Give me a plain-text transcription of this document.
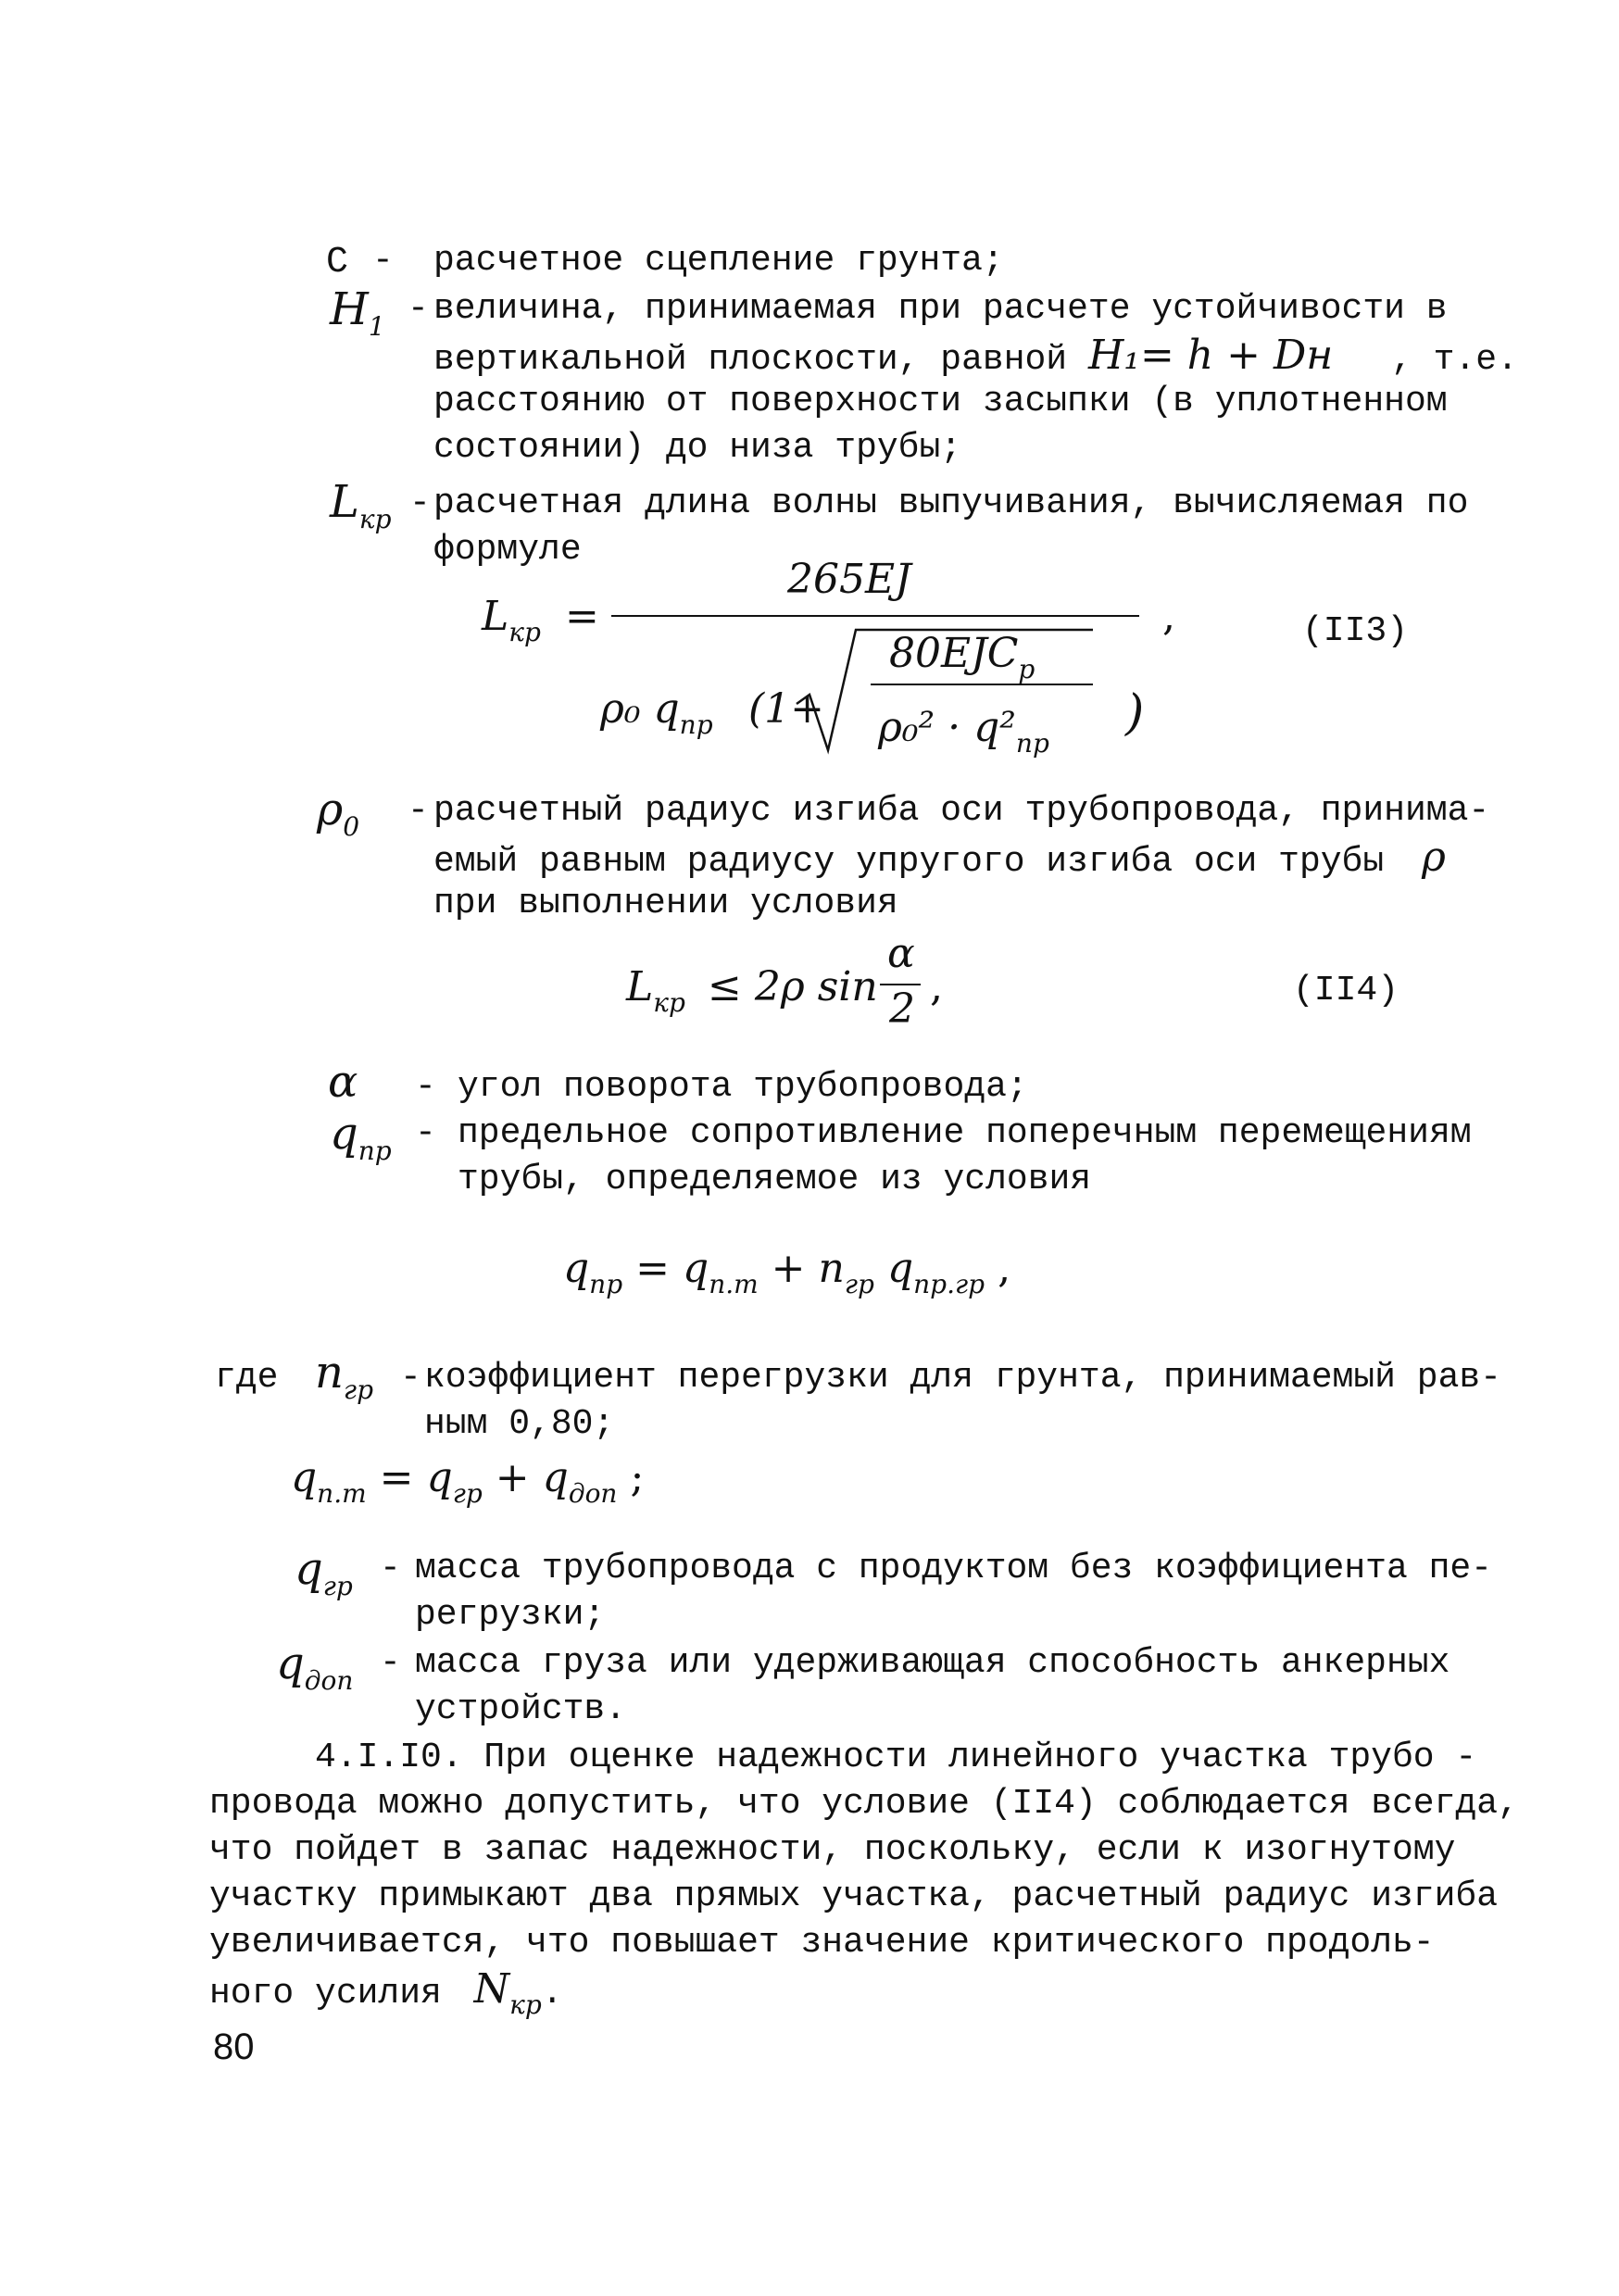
C - расчетное сцепление грунта;
$H_1$ - величина, принимаемая при расчете устойчивости в
вертикальной плоскости, равной H₁= h + Dн , т.е.
расстоянию от поверхности засыпки (в уплотненном
состоянии) до низа трубы;
$L_{кр}$ - расчетная длина волны выпучивания, вычисляемая по
формуле
$L_{кр}$ =
265EJ
,
ρ₀ $q_{пр}$ (1+
$80EJC_р$
$\rho_0^2 \cdot q^2_{пр}$
)
(II3)
$\rho_0$ - расчетный радиус изгиба оси трубопровода, принима-
емый равным радиусу упругого изгиба оси трубы ρ
при выполнении условия
$L_{кр} \le 2\rho$ sin
α
2 ,	(II4)
α - угол поворота трубопровода;
$q_{пр}$ - предельное сопротивление поперечным перемещениям
трубы, определяемое из условия
$q_{пр} = q_{п.т} + n_{гр}$ $q_{пр.гр}$ ,
где $n_{гр}$ - коэффициент перегрузки для грунта, принимаемый рав-
ным 0,80;
$q_{п.т} = q_{гр} + q_{доп}$ ;
$q_{гр}$ - масса трубопровода с продуктом без коэффициента пе-
регрузки;
$q_{доп}$ - масса груза или удерживающая способность анкерных
устройств.
4.I.I0. При оценке надежности линейного участка трубо -
провода можно допустить, что условие (II4) соблюдается всегда,
что пойдет в запас надежности, поскольку, если к изогнутому
участку примыкают два прямых участка, расчетный радиус изгиба
увеличивается, что повышает значение критического продоль-
ного усилия $N_{кр}$.
80
